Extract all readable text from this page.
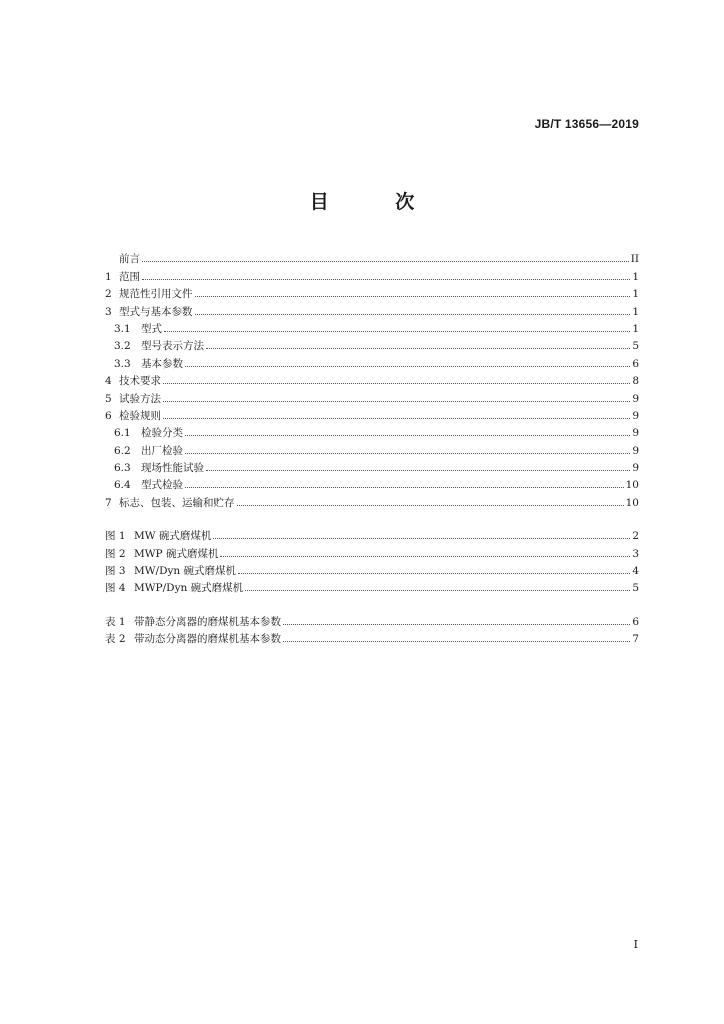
JB/T 13656—2019
目 次
前言	II
1 范围	1
2 规范性引用文件	1
3 型式与基本参数	1
3.1 型式	1
3.2 型号表示方法	5
3.3 基本参数	6
4 技术要求	8
5 试验方法	9
6 检验规则	9
6.1 检验分类	9
6.2 出厂检验	9
6.3 现场性能试验	9
6.4 型式检验	10
7 标志、包装、运输和贮存	10
图 1 MW 碗式磨煤机	2
图 2 MWP 碗式磨煤机	3
图 3 MW/Dyn 碗式磨煤机	4
图 4 MWP/Dyn 碗式磨煤机	5
表 1 带静态分离器的磨煤机基本参数	6
表 2 带动态分离器的磨煤机基本参数	7
I
